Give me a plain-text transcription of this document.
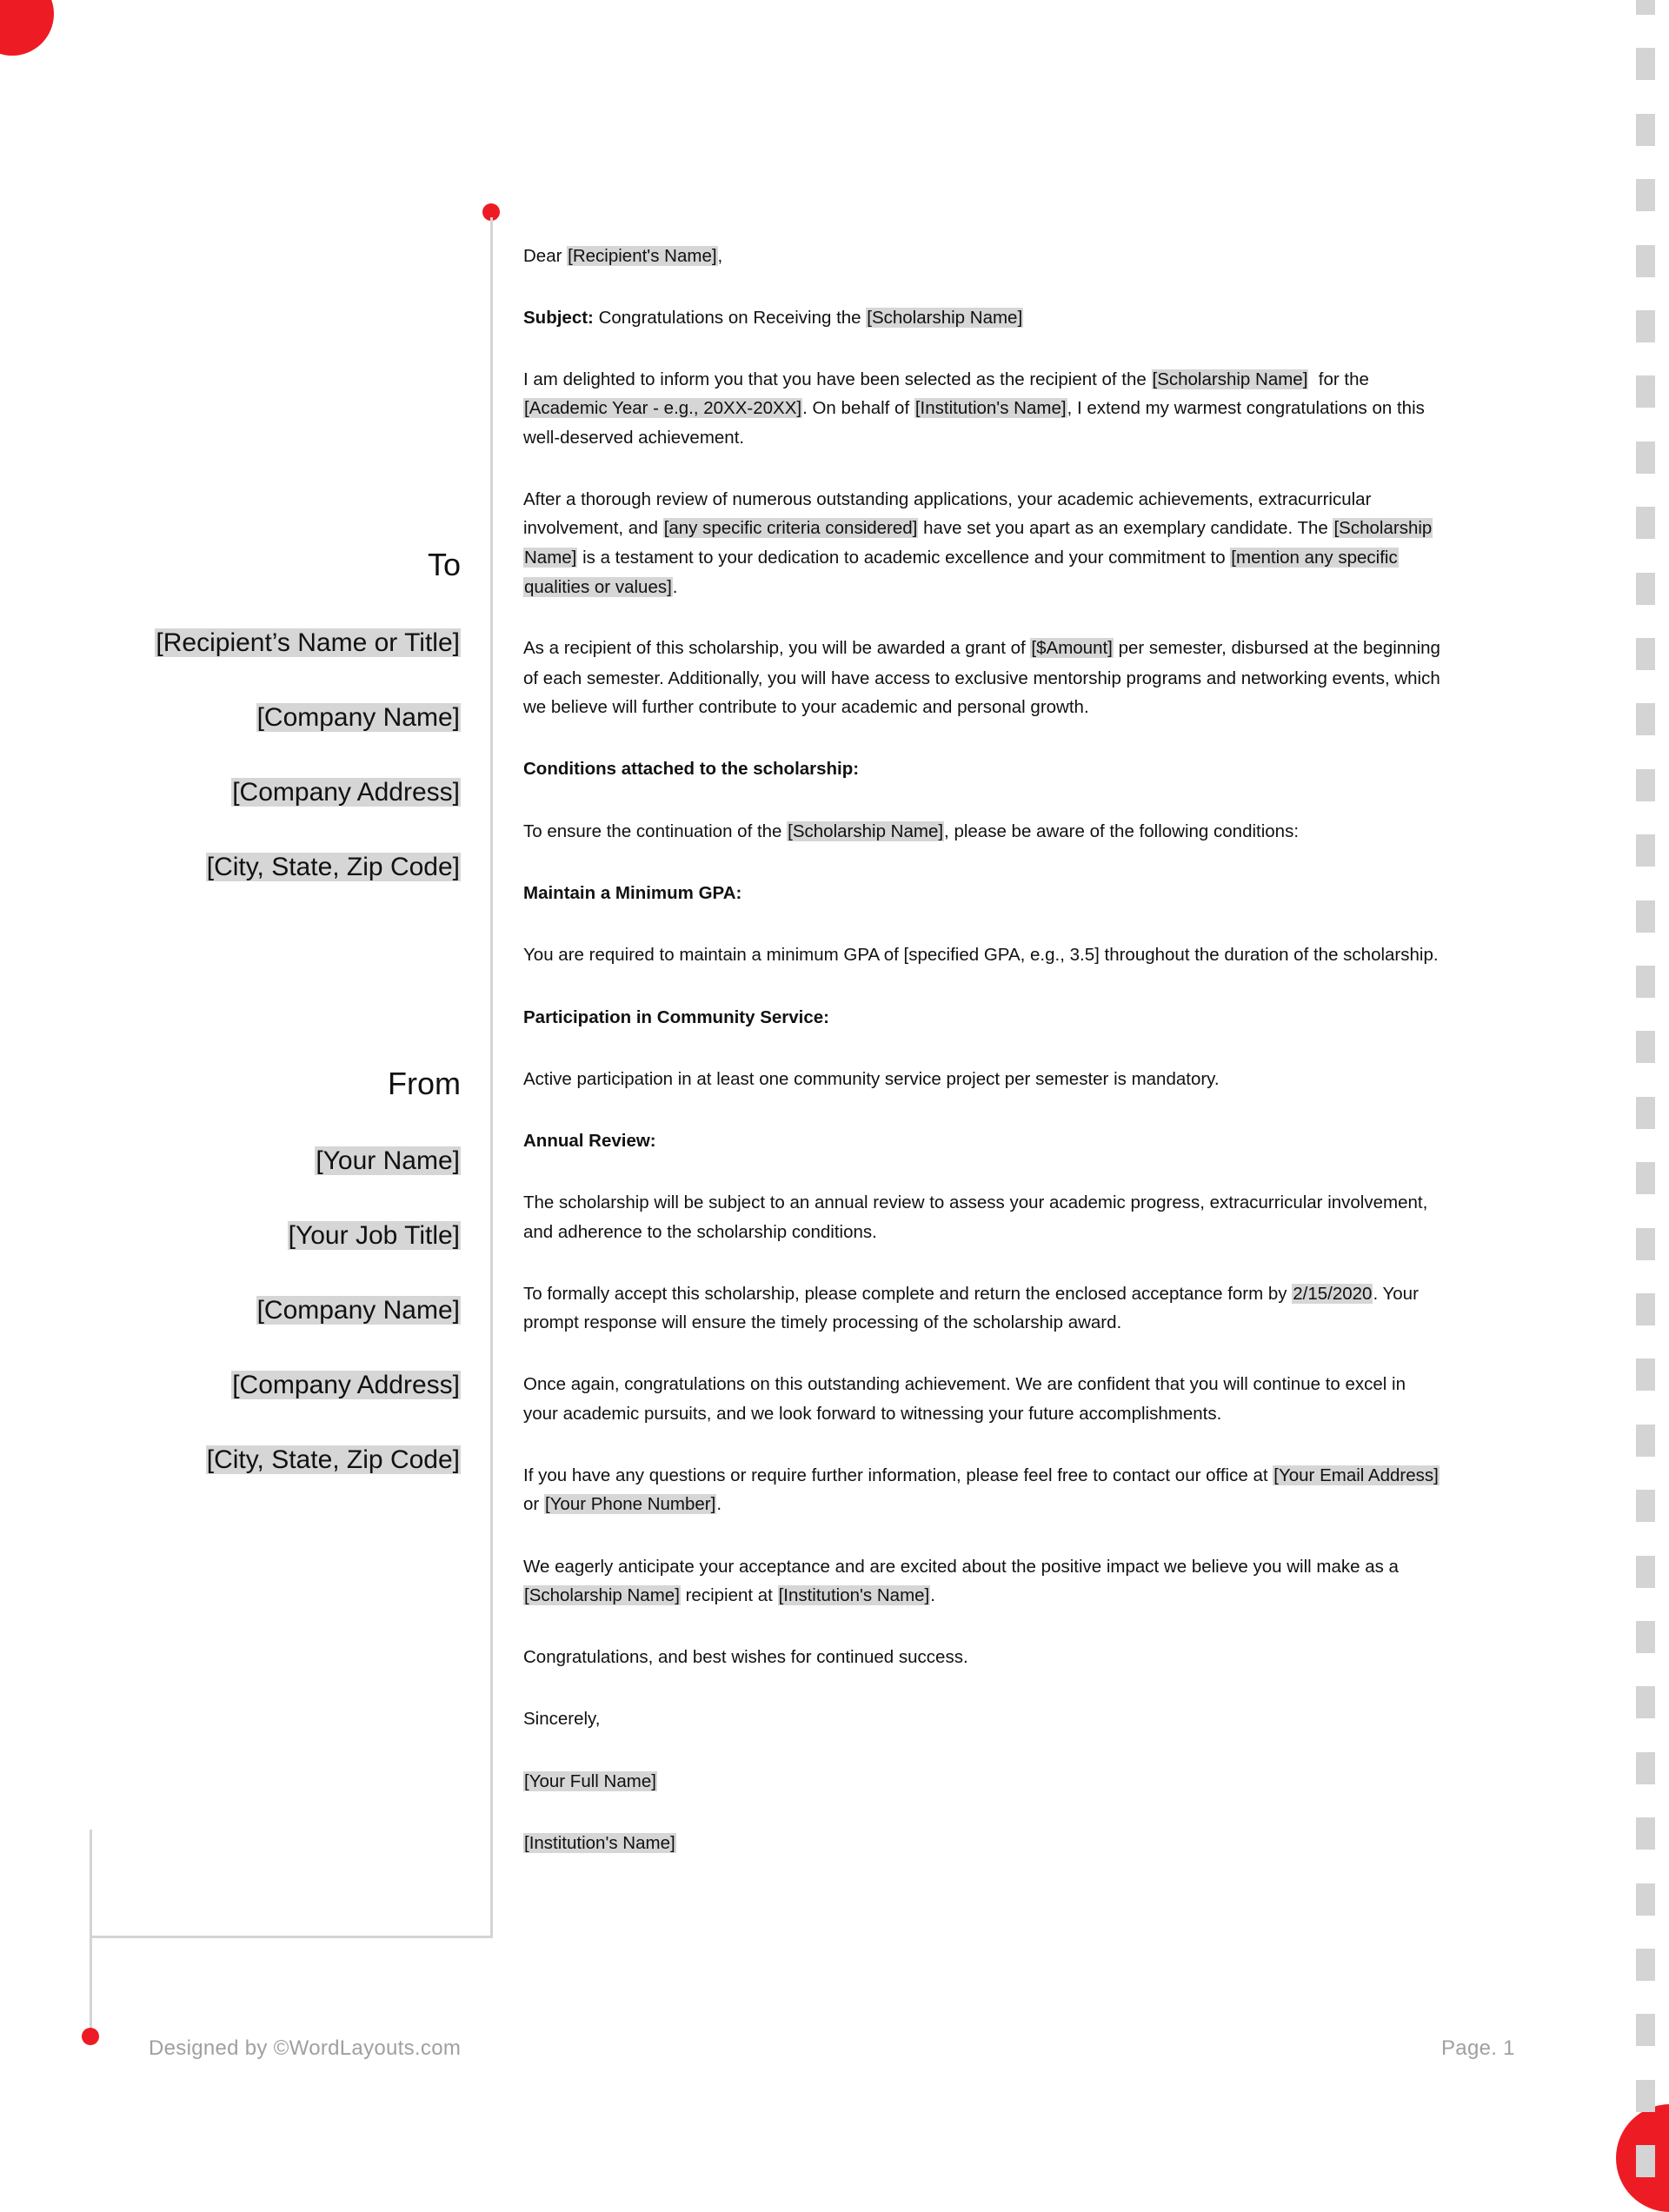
To
[Recipient’s Name or Title]
[Company Name]
[Company Address]
[City, State, Zip Code]
From
[Your Name]
[Your Job Title]
[Company Name]
[Company Address]
[City, State, Zip Code]
Dear [Recipient's Name],
Subject: Congratulations on Receiving the [Scholarship Name]
I am delighted to inform you that you have been selected as the recipient of the [Scholarship Name]  for the
[Academic Year - e.g., 20XX-20XX]. On behalf of [Institution's Name], I extend my warmest congratulations on this
well-deserved achievement.
After a thorough review of numerous outstanding applications, your academic achievements, extracurricular
involvement, and [any specific criteria considered] have set you apart as an exemplary candidate. The [Scholarship
Name] is a testament to your dedication to academic excellence and your commitment to [mention any specific
qualities or values].
As a recipient of this scholarship, you will be awarded a grant of [$Amount] per semester, disbursed at the beginning
of each semester. Additionally, you will have access to exclusive mentorship programs and networking events, which
we believe will further contribute to your academic and personal growth.
Conditions attached to the scholarship:
To ensure the continuation of the [Scholarship Name], please be aware of the following conditions:
Maintain a Minimum GPA:
You are required to maintain a minimum GPA of [specified GPA, e.g., 3.5] throughout the duration of the scholarship.
Participation in Community Service:
Active participation in at least one community service project per semester is mandatory.
Annual Review:
The scholarship will be subject to an annual review to assess your academic progress, extracurricular involvement,
and adherence to the scholarship conditions.
To formally accept this scholarship, please complete and return the enclosed acceptance form by 2/15/2020. Your
prompt response will ensure the timely processing of the scholarship award.
Once again, congratulations on this outstanding achievement. We are confident that you will continue to excel in
your academic pursuits, and we look forward to witnessing your future accomplishments.
If you have any questions or require further information, please feel free to contact our office at [Your Email Address]
or [Your Phone Number].
We eagerly anticipate your acceptance and are excited about the positive impact we believe you will make as a
[Scholarship Name] recipient at [Institution's Name].
Congratulations, and best wishes for continued success.
Sincerely,
[Your Full Name]
[Institution's Name]
Designed by ©WordLayouts.com	Page. 1
